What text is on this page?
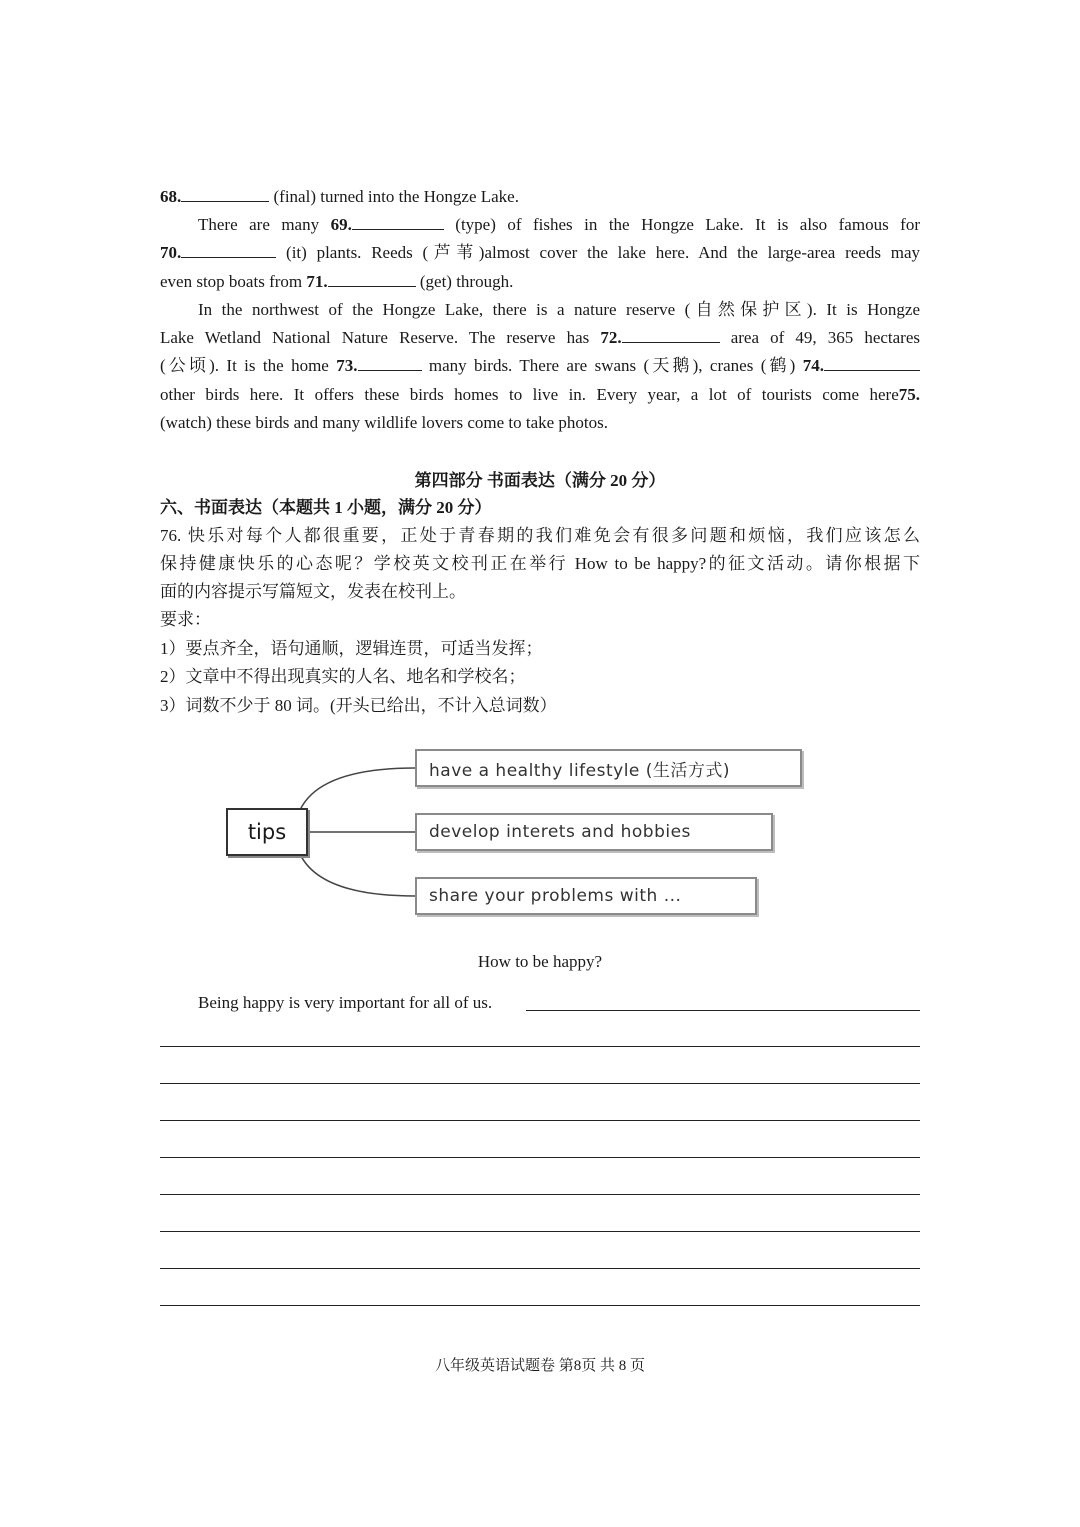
68.	(final) turned into the Hongze Lake.
There are many 69.	(type) of fishes in the Hongze Lake. It is also famous for
70.	(it) plants. Reeds (芦苇)almost cover the lake here. And the large-area reeds may
even stop boats from 71.	(get) through.
In the northwest of the Hongze Lake, there is a nature reserve (自然保护区). It is Hongze
Lake Wetland National Nature Reserve. The reserve has 72.	area of 49, 365 hectares
(公顷). It is the home 73.	many birds. There are swans (天鹅), cranes (鹤) 74.
other birds here. It offers these birds homes to live in. Every year, a lot of tourists come here75.
(watch) these birds and many wildlife lovers come to take photos.
第四部分 书面表达（满分 20 分）
六、书面表达（本题共 1 小题，满分 20 分）
76. 快乐对每个人都很重要，正处于青春期的我们难免会有很多问题和烦恼，我们应该怎么
保持健康快乐的心态呢？学校英文校刊正在举行 How to be happy?的征文活动。请你根据下
面的内容提示写篇短文，发表在校刊上。
要求：
1）要点齐全，语句通顺，逻辑连贯，可适当发挥；
2）文章中不得出现真实的人名、地名和学校名；
3）词数不少于 80 词。(开头已给出，不计入总词数）
tips
have a healthy lifestyle (生活方式)
develop interets and hobbies
share your problems with ...
How to be happy?
Being happy is very important for all of us.
八年级英语试题卷 第8页 共 8 页
